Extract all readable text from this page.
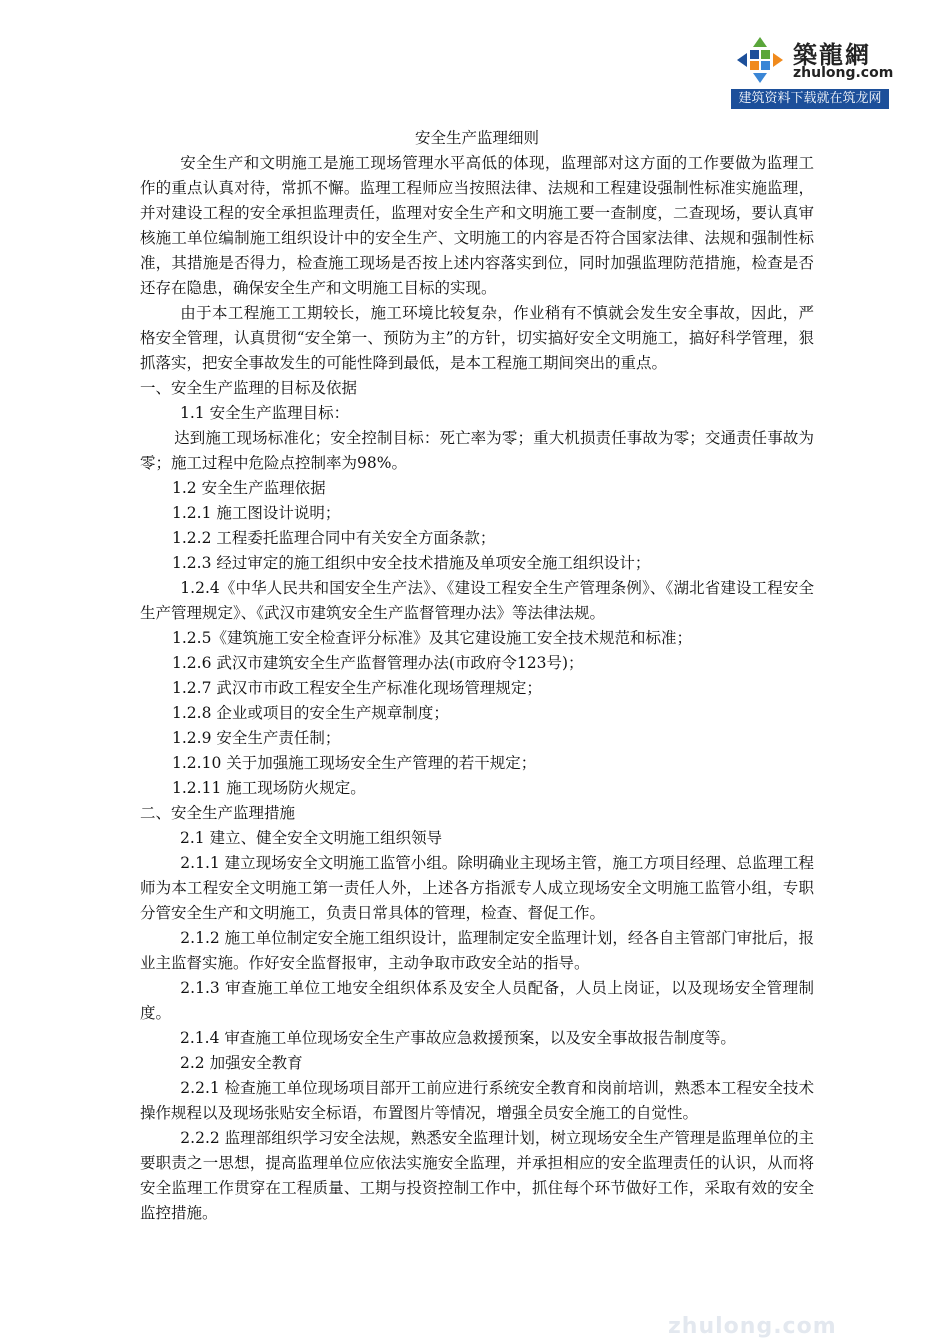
築龍網
zhulong.com
建筑资料下载就在筑龙网

安全生产监理细则

安全生产和文明施工是施工现场管理水平高低的体现，监理部对这方面的工作要做为监理工作的重点认真对待，常抓不懈。监理工程师应当按照法律、法规和工程建设强制性标准实施监理，并对建设工程的安全承担监理责任，监理对安全生产和文明施工要一查制度，二查现场，要认真审核施工单位编制施工组织设计中的安全生产、文明施工的内容是否符合国家法律、法规和强制性标准，其措施是否得力，检查施工现场是否按上述内容落实到位，同时加强监理防范措施，检查是否还存在隐患，确保安全生产和文明施工目标的实现。

由于本工程施工工期较长，施工环境比较复杂，作业稍有不慎就会发生安全事故，因此，严格安全管理，认真贯彻“安全第一、预防为主”的方针，切实搞好安全文明施工，搞好科学管理，狠抓落实，把安全事故发生的可能性降到最低，是本工程施工期间突出的重点。

一、安全生产监理的目标及依据

1.1 安全生产监理目标：

达到施工现场标准化；安全控制目标：死亡率为零；重大机损责任事故为零；交通责任事故为零；施工过程中危险点控制率为98%。

1.2 安全生产监理依据

1.2.1 施工图设计说明；

1.2.2 工程委托监理合同中有关安全方面条款；

1.2.3 经过审定的施工组织中安全技术措施及单项安全施工组织设计；

1.2.4《中华人民共和国安全生产法》、《建设工程安全生产管理条例》、《湖北省建设工程安全生产管理规定》、《武汉市建筑安全生产监督管理办法》等法律法规。

1.2.5《建筑施工安全检查评分标准》及其它建设施工安全技术规范和标准；

1.2.6 武汉市建筑安全生产监督管理办法(市政府令123号)；

1.2.7 武汉市市政工程安全生产标准化现场管理规定；

1.2.8 企业或项目的安全生产规章制度；

1.2.9 安全生产责任制；

1.2.10 关于加强施工现场安全生产管理的若干规定；

1.2.11 施工现场防火规定。

二、安全生产监理措施

2.1 建立、健全安全文明施工组织领导

2.1.1 建立现场安全文明施工监管小组。除明确业主现场主管，施工方项目经理、总监理工程师为本工程安全文明施工第一责任人外，上述各方指派专人成立现场安全文明施工监管小组，专职分管安全生产和文明施工，负责日常具体的管理，检查、督促工作。

2.1.2 施工单位制定安全施工组织设计，监理制定安全监理计划，经各自主管部门审批后，报业主监督实施。作好安全监督报审，主动争取市政安全站的指导。

2.1.3 审查施工单位工地安全组织体系及安全人员配备，人员上岗证，以及现场安全管理制度。

2.1.4 审查施工单位现场安全生产事故应急救援预案，以及安全事故报告制度等。

2.2 加强安全教育

2.2.1 检查施工单位现场项目部开工前应进行系统安全教育和岗前培训，熟悉本工程安全技术操作规程以及现场张贴安全标语，布置图片等情况，增强全员安全施工的自觉性。

2.2.2 监理部组织学习安全法规，熟悉安全监理计划，树立现场安全生产管理是监理单位的主要职责之一思想，提高监理单位应依法实施安全监理，并承担相应的安全监理责任的认识，从而将安全监理工作贯穿在工程质量、工期与投资控制工作中，抓住每个环节做好工作，采取有效的安全监控措施。

zhulong.com
